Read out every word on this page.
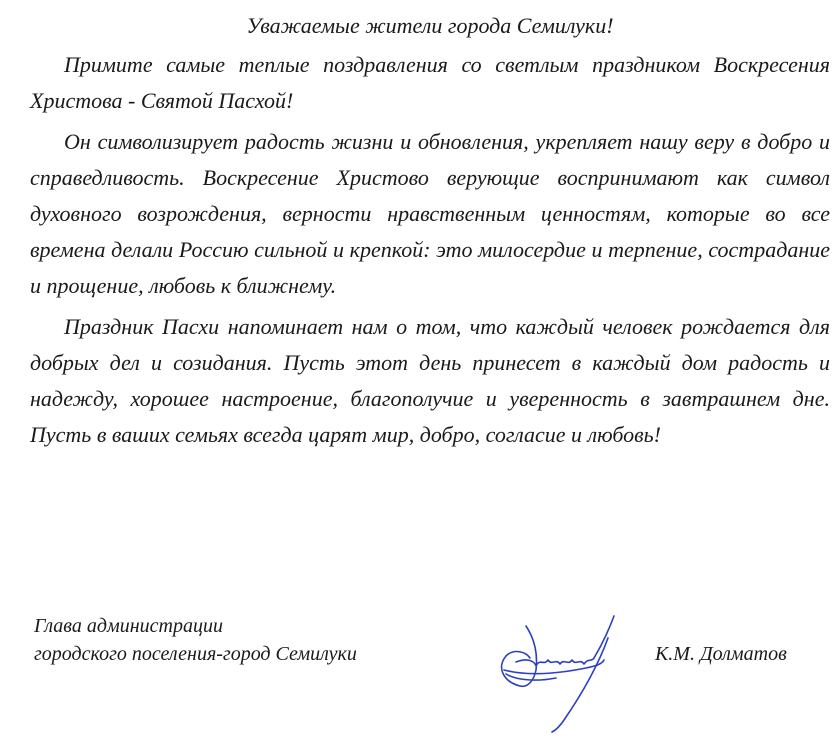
Уважаемые жители города Семилуки!

Примите самые теплые поздравления со светлым праздником Воскресения Христова - Святой Пасхой!

Он символизирует радость жизни и обновления, укрепляет нашу веру в добро и справедливость. Воскресение Христово верующие воспринимают как символ духовного возрождения, верности нравственным ценностям, которые во все времена делали Россию сильной и крепкой: это милосердие и терпение, сострадание и прощение, любовь к ближнему.

Праздник Пасхи напоминает нам о том, что каждый человек рождается для добрых дел и созидания. Пусть этот день принесет в каждый дом радость и надежду, хорошее настроение, благополучие и уверенность в завтрашнем дне. Пусть в ваших семьях всегда царят мир, добро, согласие и любовь!

Глава администрации
городского поселения-город Семилуки	К.М. Долматов
